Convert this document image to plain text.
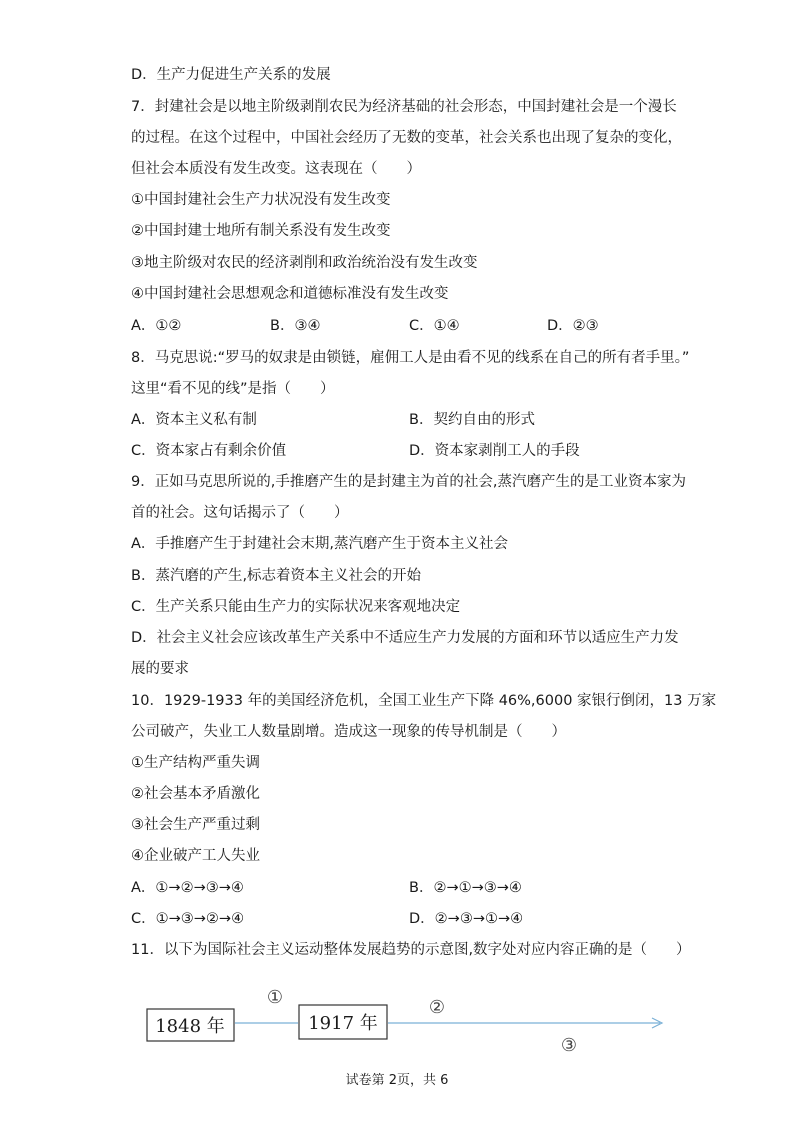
D．生产力促进生产关系的发展
7．封建社会是以地主阶级剥削农民为经济基础的社会形态，中国封建社会是一个漫长
的过程。在这个过程中，中国社会经历了无数的变革，社会关系也出现了复杂的变化，
但社会本质没有发生改变。这表现在（　　）
①中国封建社会生产力状况没有发生改变
②中国封建士地所有制关系没有发生改变
③地主阶级对农民的经济剥削和政治统治没有发生改变
④中国封建社会思想观念和道德标准没有发生改变
A．①②	B．③④	C．①④	D．②③
8．马克思说:“罗马的奴隶是由锁链，雇佣工人是由看不见的线系在自己的所有者手里。”
这里“看不见的线”是指（　　）
A．资本主义私有制	B．契约自由的形式
C．资本家占有剩余价值	D．资本家剥削工人的手段
9．正如马克思所说的,手推磨产生的是封建主为首的社会,蒸汽磨产生的是工业资本家为
首的社会。这句话揭示了（　　）
A．手推磨产生于封建社会末期,蒸汽磨产生于资本主义社会
B．蒸汽磨的产生,标志着资本主义社会的开始
C．生产关系只能由生产力的实际状况来客观地决定
D．社会主义社会应该改革生产关系中不适应生产力发展的方面和环节以适应生产力发
展的要求
10．1929-1933 年的美国经济危机，全国工业生产下降 46%,6000 家银行倒闭，13 万家
公司破产，失业工人数量剧增。造成这一现象的传导机制是（　　）
①生产结构严重失调
②社会基本矛盾激化
③社会生产严重过剩
④企业破产工人失业
A．①→②→③→④	B．②→①→③→④
C．①→③→②→④	D．②→③→①→④
11．以下为国际社会主义运动整体发展趋势的示意图,数字处对应内容正确的是（　　）
1848 年	1917 年
①	②
③
试卷第 2页，共 6
